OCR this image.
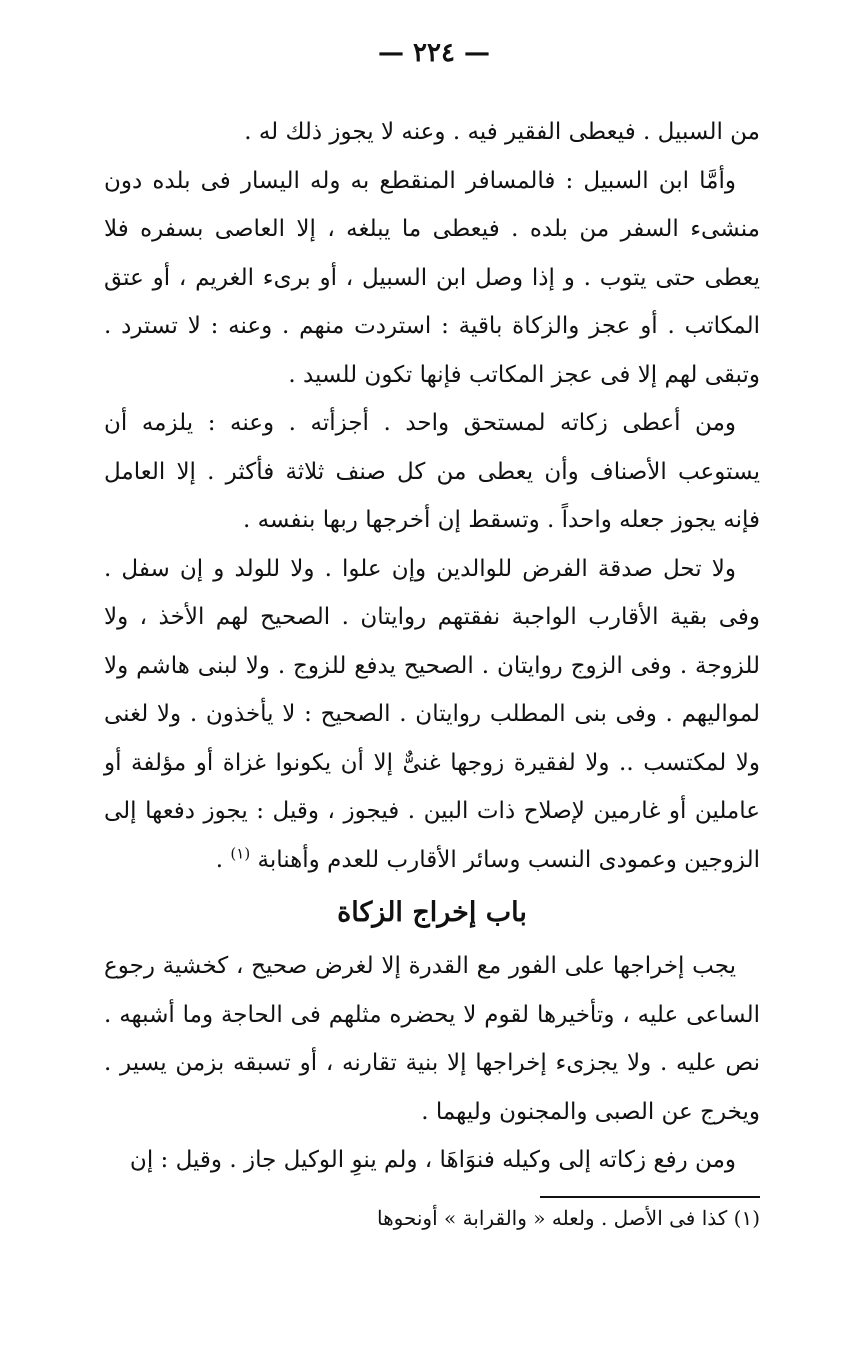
— ٢٢٤ —

من السبيل . فيعطى الفقير فيه . وعنه لا يجوز ذلك له .

وأمَّا ابن السبيل : فالمسافر المنقطع به وله اليسار فى بلده دون منشىء السفر من بلده . فيعطى ما يبلغه ، إلا العاصى بسفره فلا يعطى حتى يتوب . و إذا وصل ابن السبيل ، أو برىء الغريم ، أو عتق المكاتب . أو عجز والزكاة باقية : استردت منهم . وعنه : لا تسترد . وتبقى لهم إلا فى عجز المكاتب فإنها تكون للسيد .

ومن أعطى زكاته لمستحق واحد . أجزأته . وعنه : يلزمه أن يستوعب الأصناف وأن يعطى من كل صنف ثلاثة فأكثر . إلا العامل فإنه يجوز جعله واحداً . وتسقط إن أخرجها ربها بنفسه .

ولا تحل صدقة الفرض للوالدين وإن علوا . ولا للولد و إن سفل . وفى بقية الأقارب الواجبة نفقتهم روايتان . الصحيح لهم الأخذ ، ولا للزوجة . وفى الزوج روايتان . الصحيح يدفع للزوج . ولا لبنى هاشم ولا لمواليهم . وفى بنى المطلب روايتان . الصحيح : لا يأخذون . ولا لغنى ولا لمكتسب .. ولا لفقيرة زوجها غنىٌّ إلا أن يكونوا غزاة أو مؤلفة أو عاملين أو غارمين لإصلاح ذات البين . فيجوز ، وقيل : يجوز دفعها إلى الزوجين وعمودى النسب وسائر الأقارب للعدم وأهنابة $^{(١)}$ .

باب إخراج الزكاة

يجب إخراجها على الفور مع القدرة إلا لغرض صحيح ، كخشية رجوع الساعى عليه ، وتأخيرها لقوم لا يحضره مثلهم فى الحاجة وما أشبهه . نص عليه . ولا يجزىء إخراجها إلا بنية تقارنه ، أو تسبقه بزمن يسير . ويخرج عن الصبى والمجنون وليهما .

ومن رفع زكاته إلى وكيله فنوَاهَا ، ولم ينوِ الوكيل جاز . وقيل : إن

(١) كذا فى الأصل . ولعله « والقرابة » أونحوها
